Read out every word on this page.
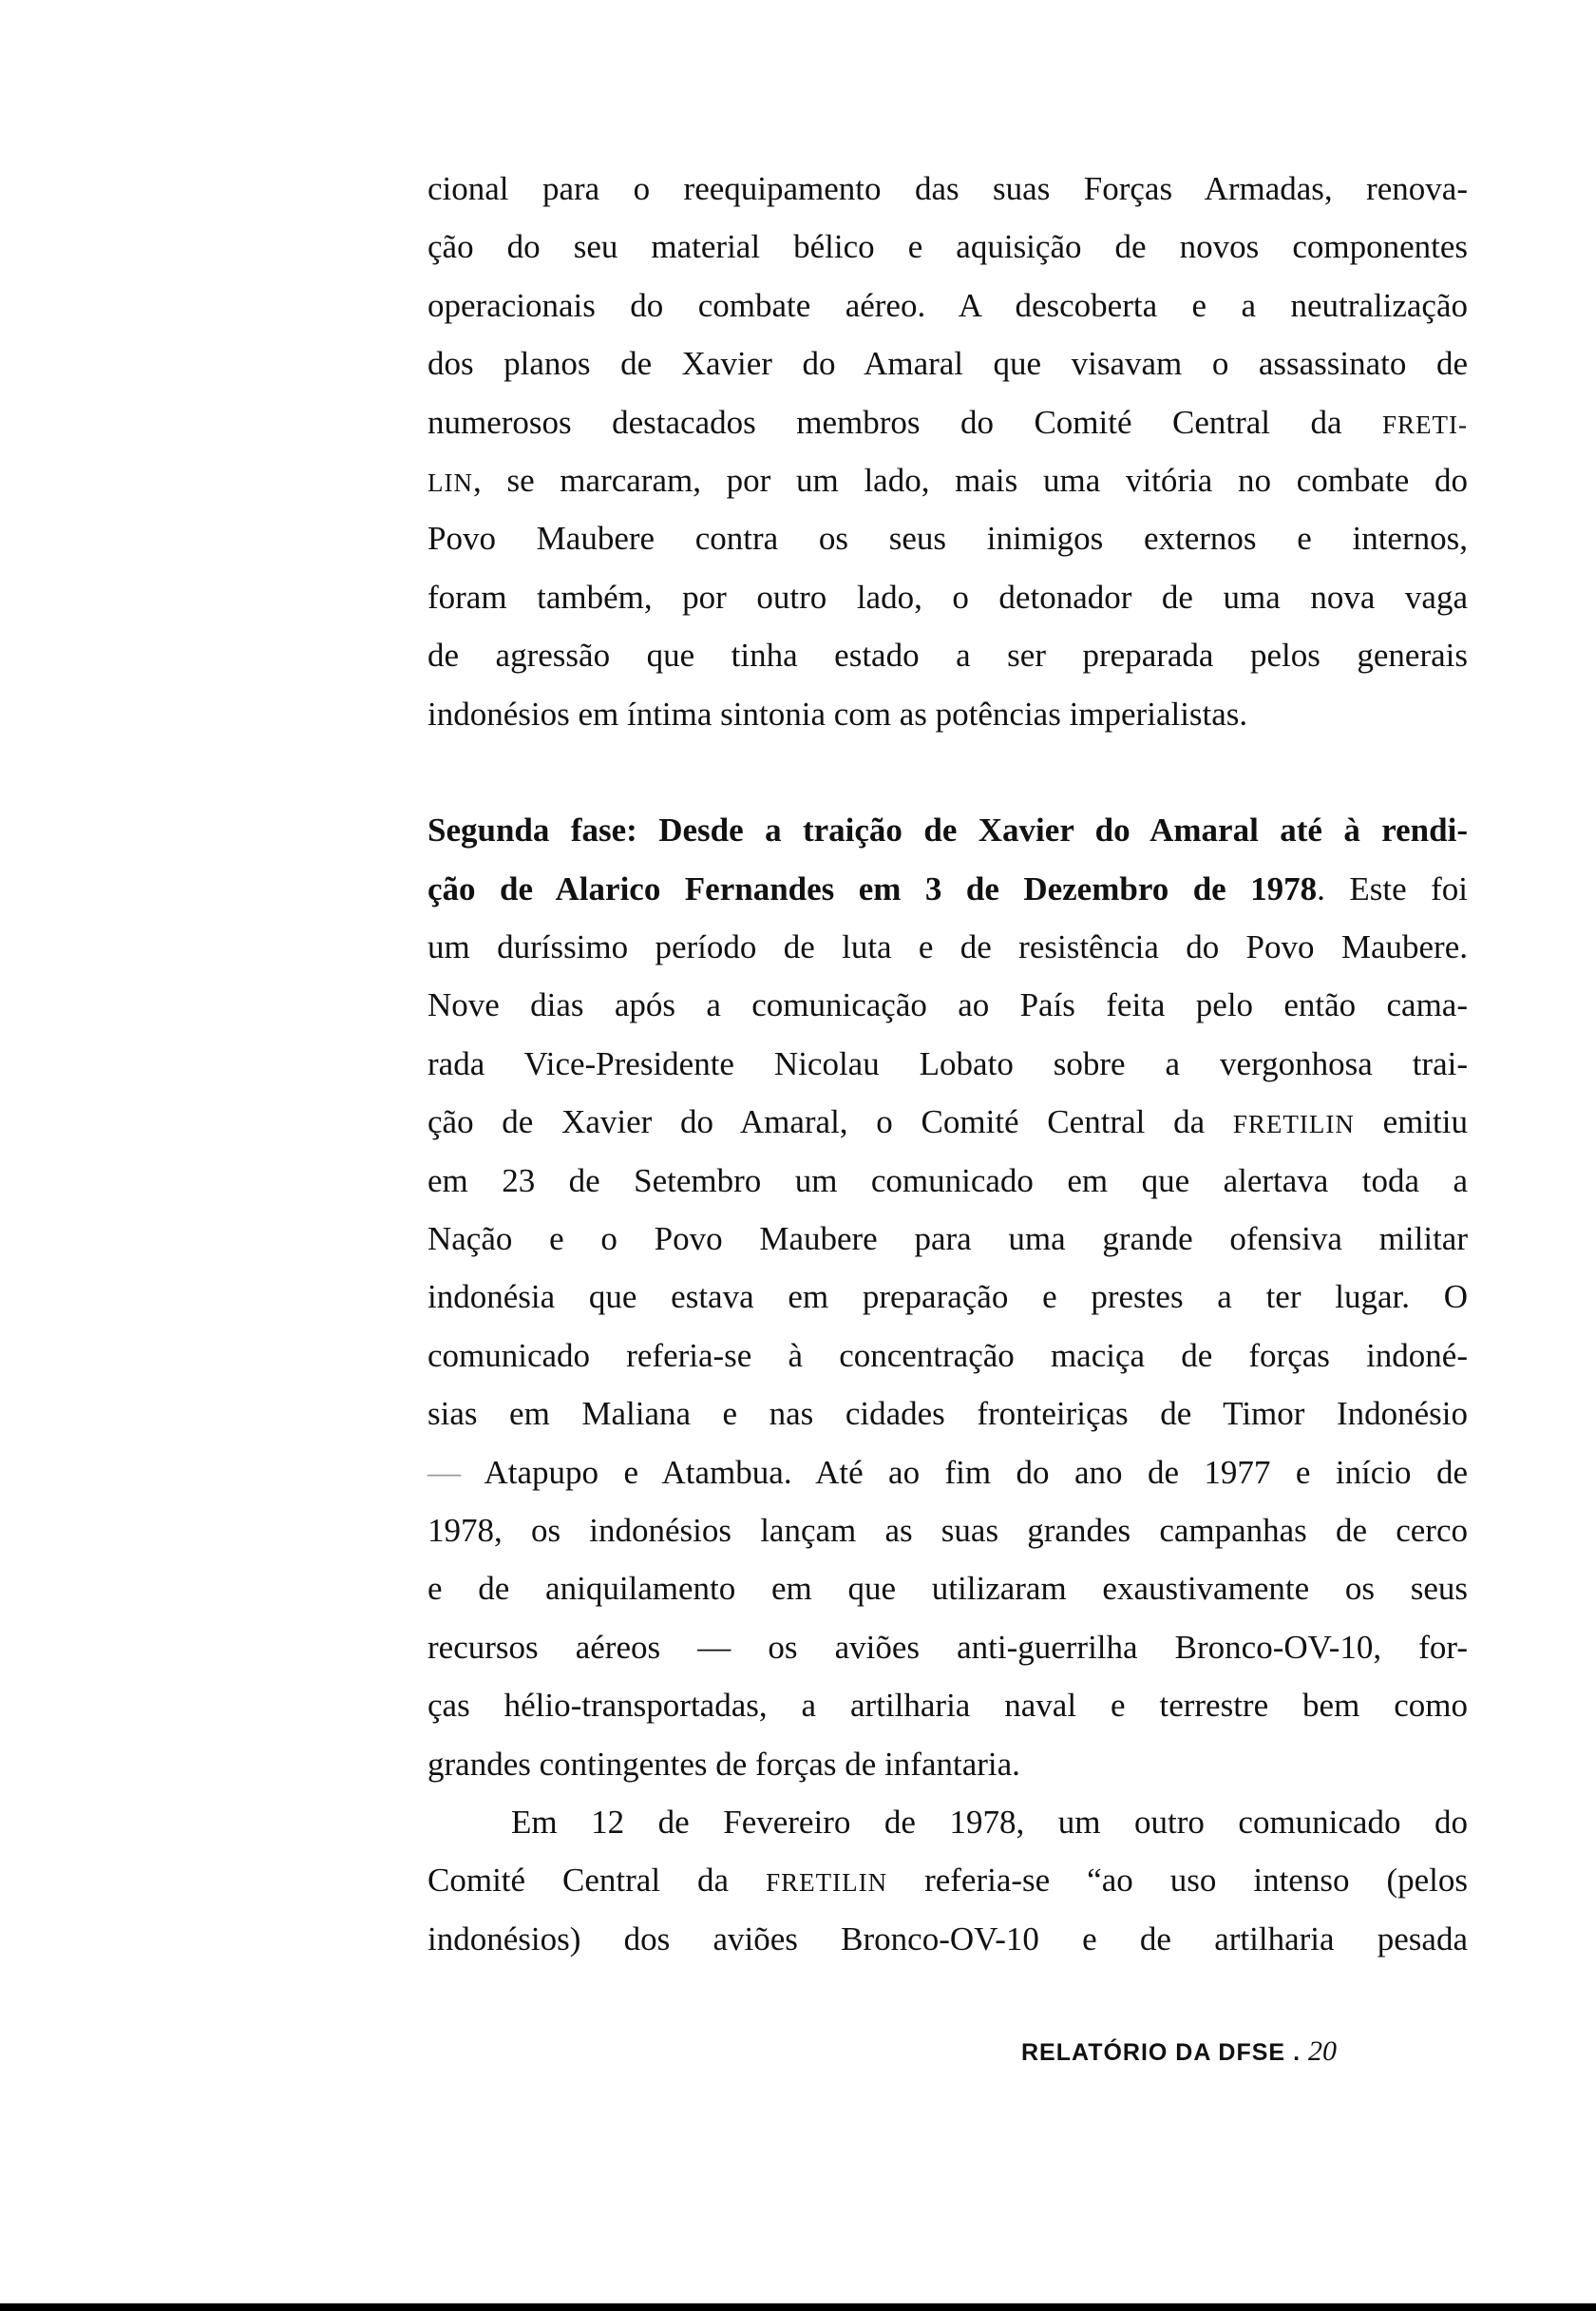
cional para o reequipamento das suas Forças Armadas, renova-
ção do seu material bélico e aquisição de novos componentes
operacionais do combate aéreo. A descoberta e a neutralização
dos planos de Xavier do Amaral que visavam o assassinato de
numerosos destacados membros do Comité Central da FRETI-
LIN, se marcaram, por um lado, mais uma vitória no combate do
Povo Maubere contra os seus inimigos externos e internos,
foram também, por outro lado, o detonador de uma nova vaga
de agressão que tinha estado a ser preparada pelos generais
indonésios em íntima sintonia com as potências imperialistas.
Segunda fase: Desde a traição de Xavier do Amaral até à rendi-
ção de Alarico Fernandes em 3 de Dezembro de 1978. Este foi
um duríssimo período de luta e de resistência do Povo Maubere.
Nove dias após a comunicação ao País feita pelo então cama-
rada Vice-Presidente Nicolau Lobato sobre a vergonhosa trai-
ção de Xavier do Amaral, o Comité Central da FRETILIN emitiu
em 23 de Setembro um comunicado em que alertava toda a
Nação e o Povo Maubere para uma grande ofensiva militar
indonésia que estava em preparação e prestes a ter lugar. O
comunicado referia-se à concentração maciça de forças indoné-
sias em Maliana e nas cidades fronteiriças de Timor Indonésio
— Atapupo e Atambua. Até ao fim do ano de 1977 e início de
1978, os indonésios lançam as suas grandes campanhas de cerco
e de aniquilamento em que utilizaram exaustivamente os seus
recursos aéreos — os aviões anti-guerrilha Bronco-OV-10, for-
ças hélio-transportadas, a artilharia naval e terrestre bem como
grandes contingentes de forças de infantaria.
Em 12 de Fevereiro de 1978, um outro comunicado do
Comité Central da FRETILIN referia-se “ao uso intenso (pelos
indonésios) dos aviões Bronco-OV-10 e de artilharia pesada
RELATÓRIO DA DFSE . 20
